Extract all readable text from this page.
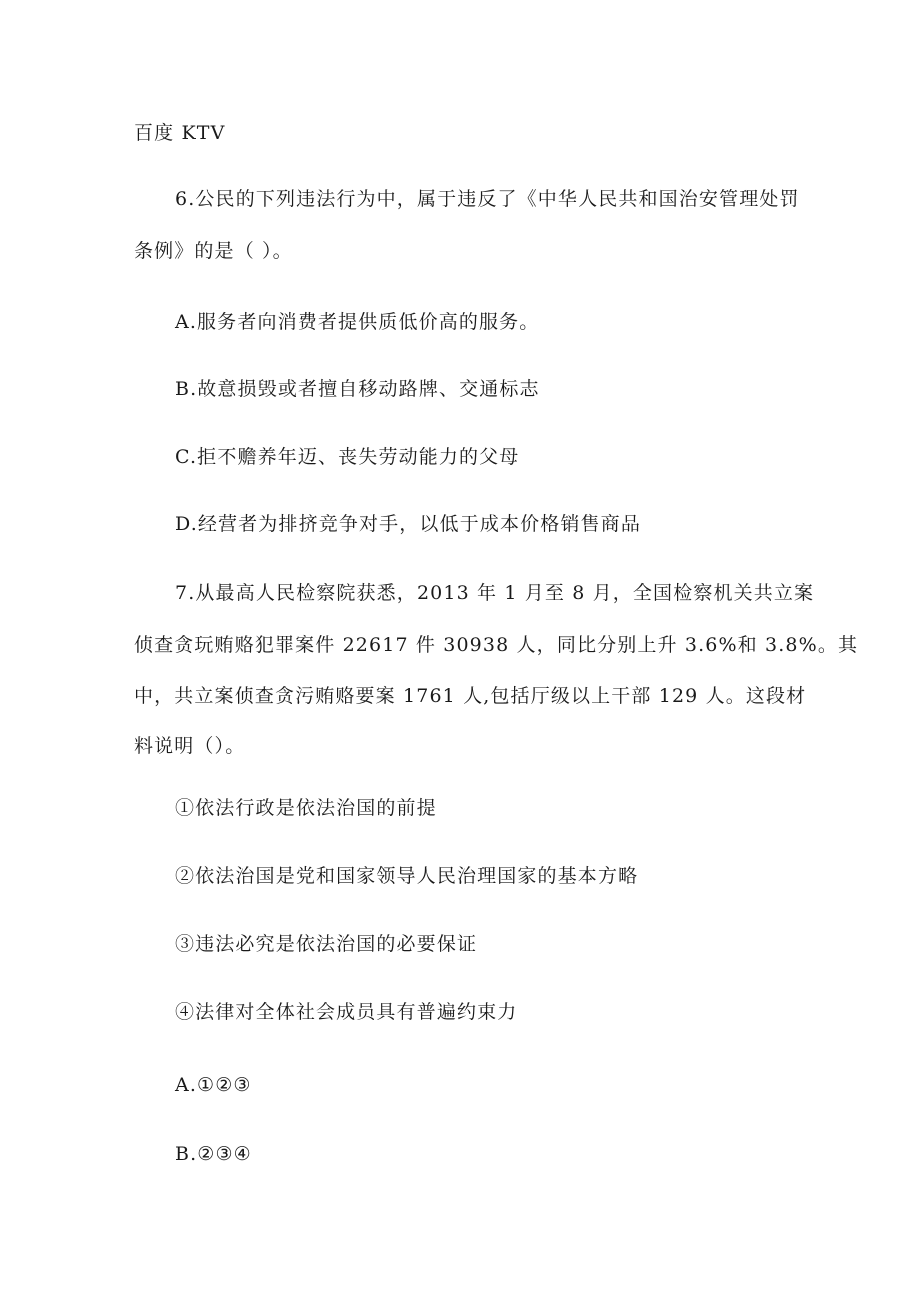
百度 KTV
6.公民的下列违法行为中，属于违反了《中华人民共和国治安管理处罚
条例》的是（ ）。
A.服务者向消费者提供质低价高的服务。
B.故意损毁或者擅自移动路牌、交通标志
C.拒不赡养年迈、丧失劳动能力的父母
D.经营者为排挤竞争对手，以低于成本价格销售商品
7.从最高人民检察院获悉，2013 年 1 月至 8 月，全国检察机关共立案
侦查贪玩贿赂犯罪案件 22617 件 30938 人，同比分别上升 3.6%和 3.8%。其
中，共立案侦查贪污贿赂要案 1761 人,包括厅级以上干部 129 人。这段材
料说明（）。
①依法行政是依法治国的前提
②依法治国是党和国家领导人民治理国家的基本方略
③违法必究是依法治国的必要保证
④法律对全体社会成员具有普遍约束力
A.①②③
B.②③④
